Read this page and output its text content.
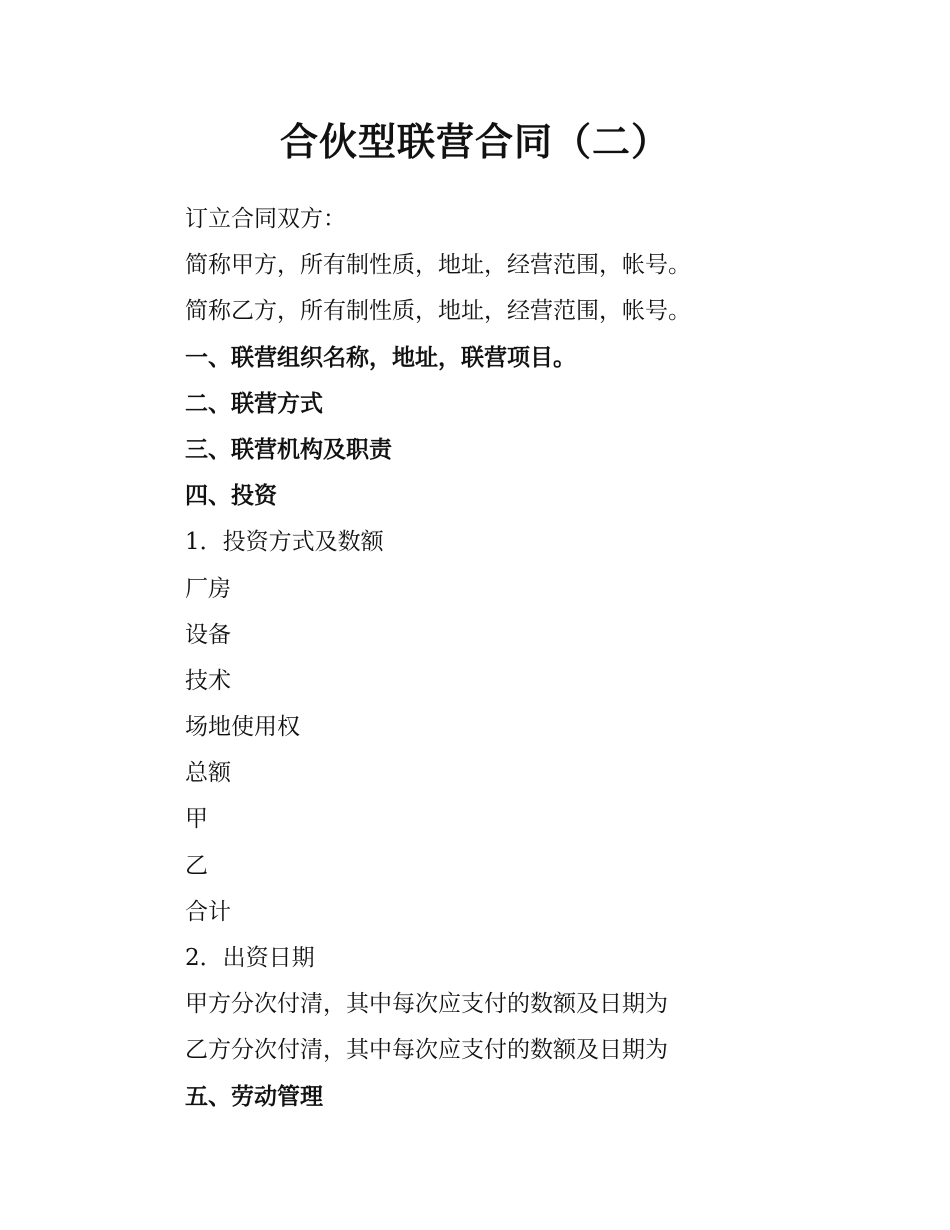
合伙型联营合同（二）
订立合同双方：
简称甲方，所有制性质，地址，经营范围，帐号。
简称乙方，所有制性质，地址，经营范围，帐号。
一、联营组织名称，地址，联营项目。
二、联营方式
三、联营机构及职责
四、投资
1．投资方式及数额
厂房
设备
技术
场地使用权
总额
甲
乙
合计
2．出资日期
甲方分次付清，其中每次应支付的数额及日期为
乙方分次付清，其中每次应支付的数额及日期为
五、劳动管理
